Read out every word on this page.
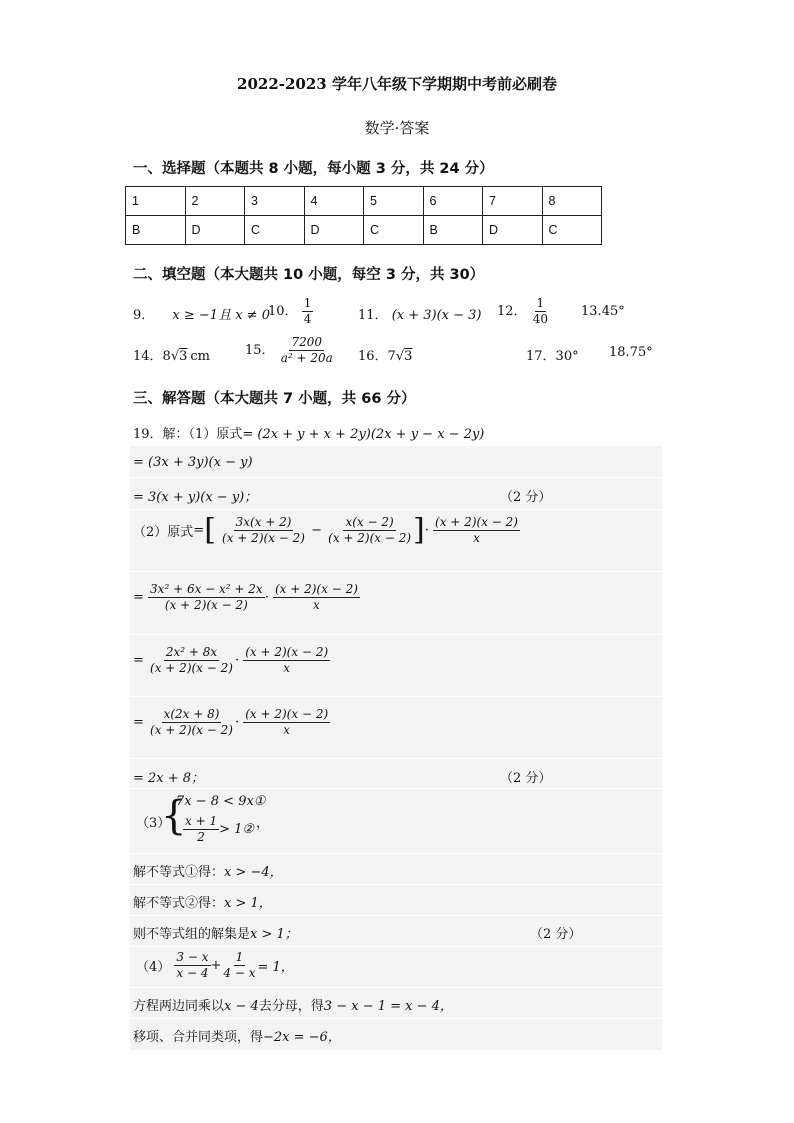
2022-2023 学年八年级下学期期中考前必刷卷
数学·答案
一、选择题（本题共 8 小题，每小题 3 分，共 24 分）
1	2	3	4	5	6	7	8
B	D	C	D	C	B	D	C
二、填空题（本大题共 10 小题，每空 3 分，共 30）
9． x ≥ −1且 x ≠ 0
10． $\frac{1}{4}$	11． (x + 3)(x − 3) 12． $\frac{1}{40} 13.45^\circ$
14．8√3 cm	15． $\frac{7200}{\text{a² + 20a}} 16$．7√3	17．30° 18.75°
三、解答题（本大题共 7 小题，共 66 分）
19．解：（1）原式= (2x + y + x + 2y)(2x + y − x − 2y)
= (3x + 3y)(x − y)
= 3(x + y)(x − y)；	（2 分）
（2）原式=[ $\frac{3x(x + 2)}{(x + 2)(x - 2)} - \frac{x(x - 2)}{(x + 2)(x - 2)}$ ]· $\frac{(x + 2)(x - 2)}{x}$
= $\frac{\text{3x² + 6x − x² + 2x}}{(x + 2)(x - 2)} \cdot \frac{(x + 2)(x - 2)}{x}$
= $\frac{\text{2x² + 8x}}{(x + 2)(x - 2)} \cdot \frac{(x + 2)(x - 2)}{x}$
= $\frac{x(2x + 8)}{(x + 2)(x - 2)} \cdot \frac{(x + 2)(x - 2)}{x}$
= 2x + 8；	（2 分）
（3）
{
7x − 8 < 9x①
$\frac{x + 1}{2}$ > 1② ，
解不等式①得：x > −4，
解不等式②得：x > 1，
则不等式组的解集是x > 1；	（2 分）
$(4) \frac{3 - x}{x - 4} + \frac{1}{4 - x} = 1$，
方程两边同乘以x − 4去分母，得3 − x − 1 = x − 4，
移项、合并同类项，得−2x = −6，
